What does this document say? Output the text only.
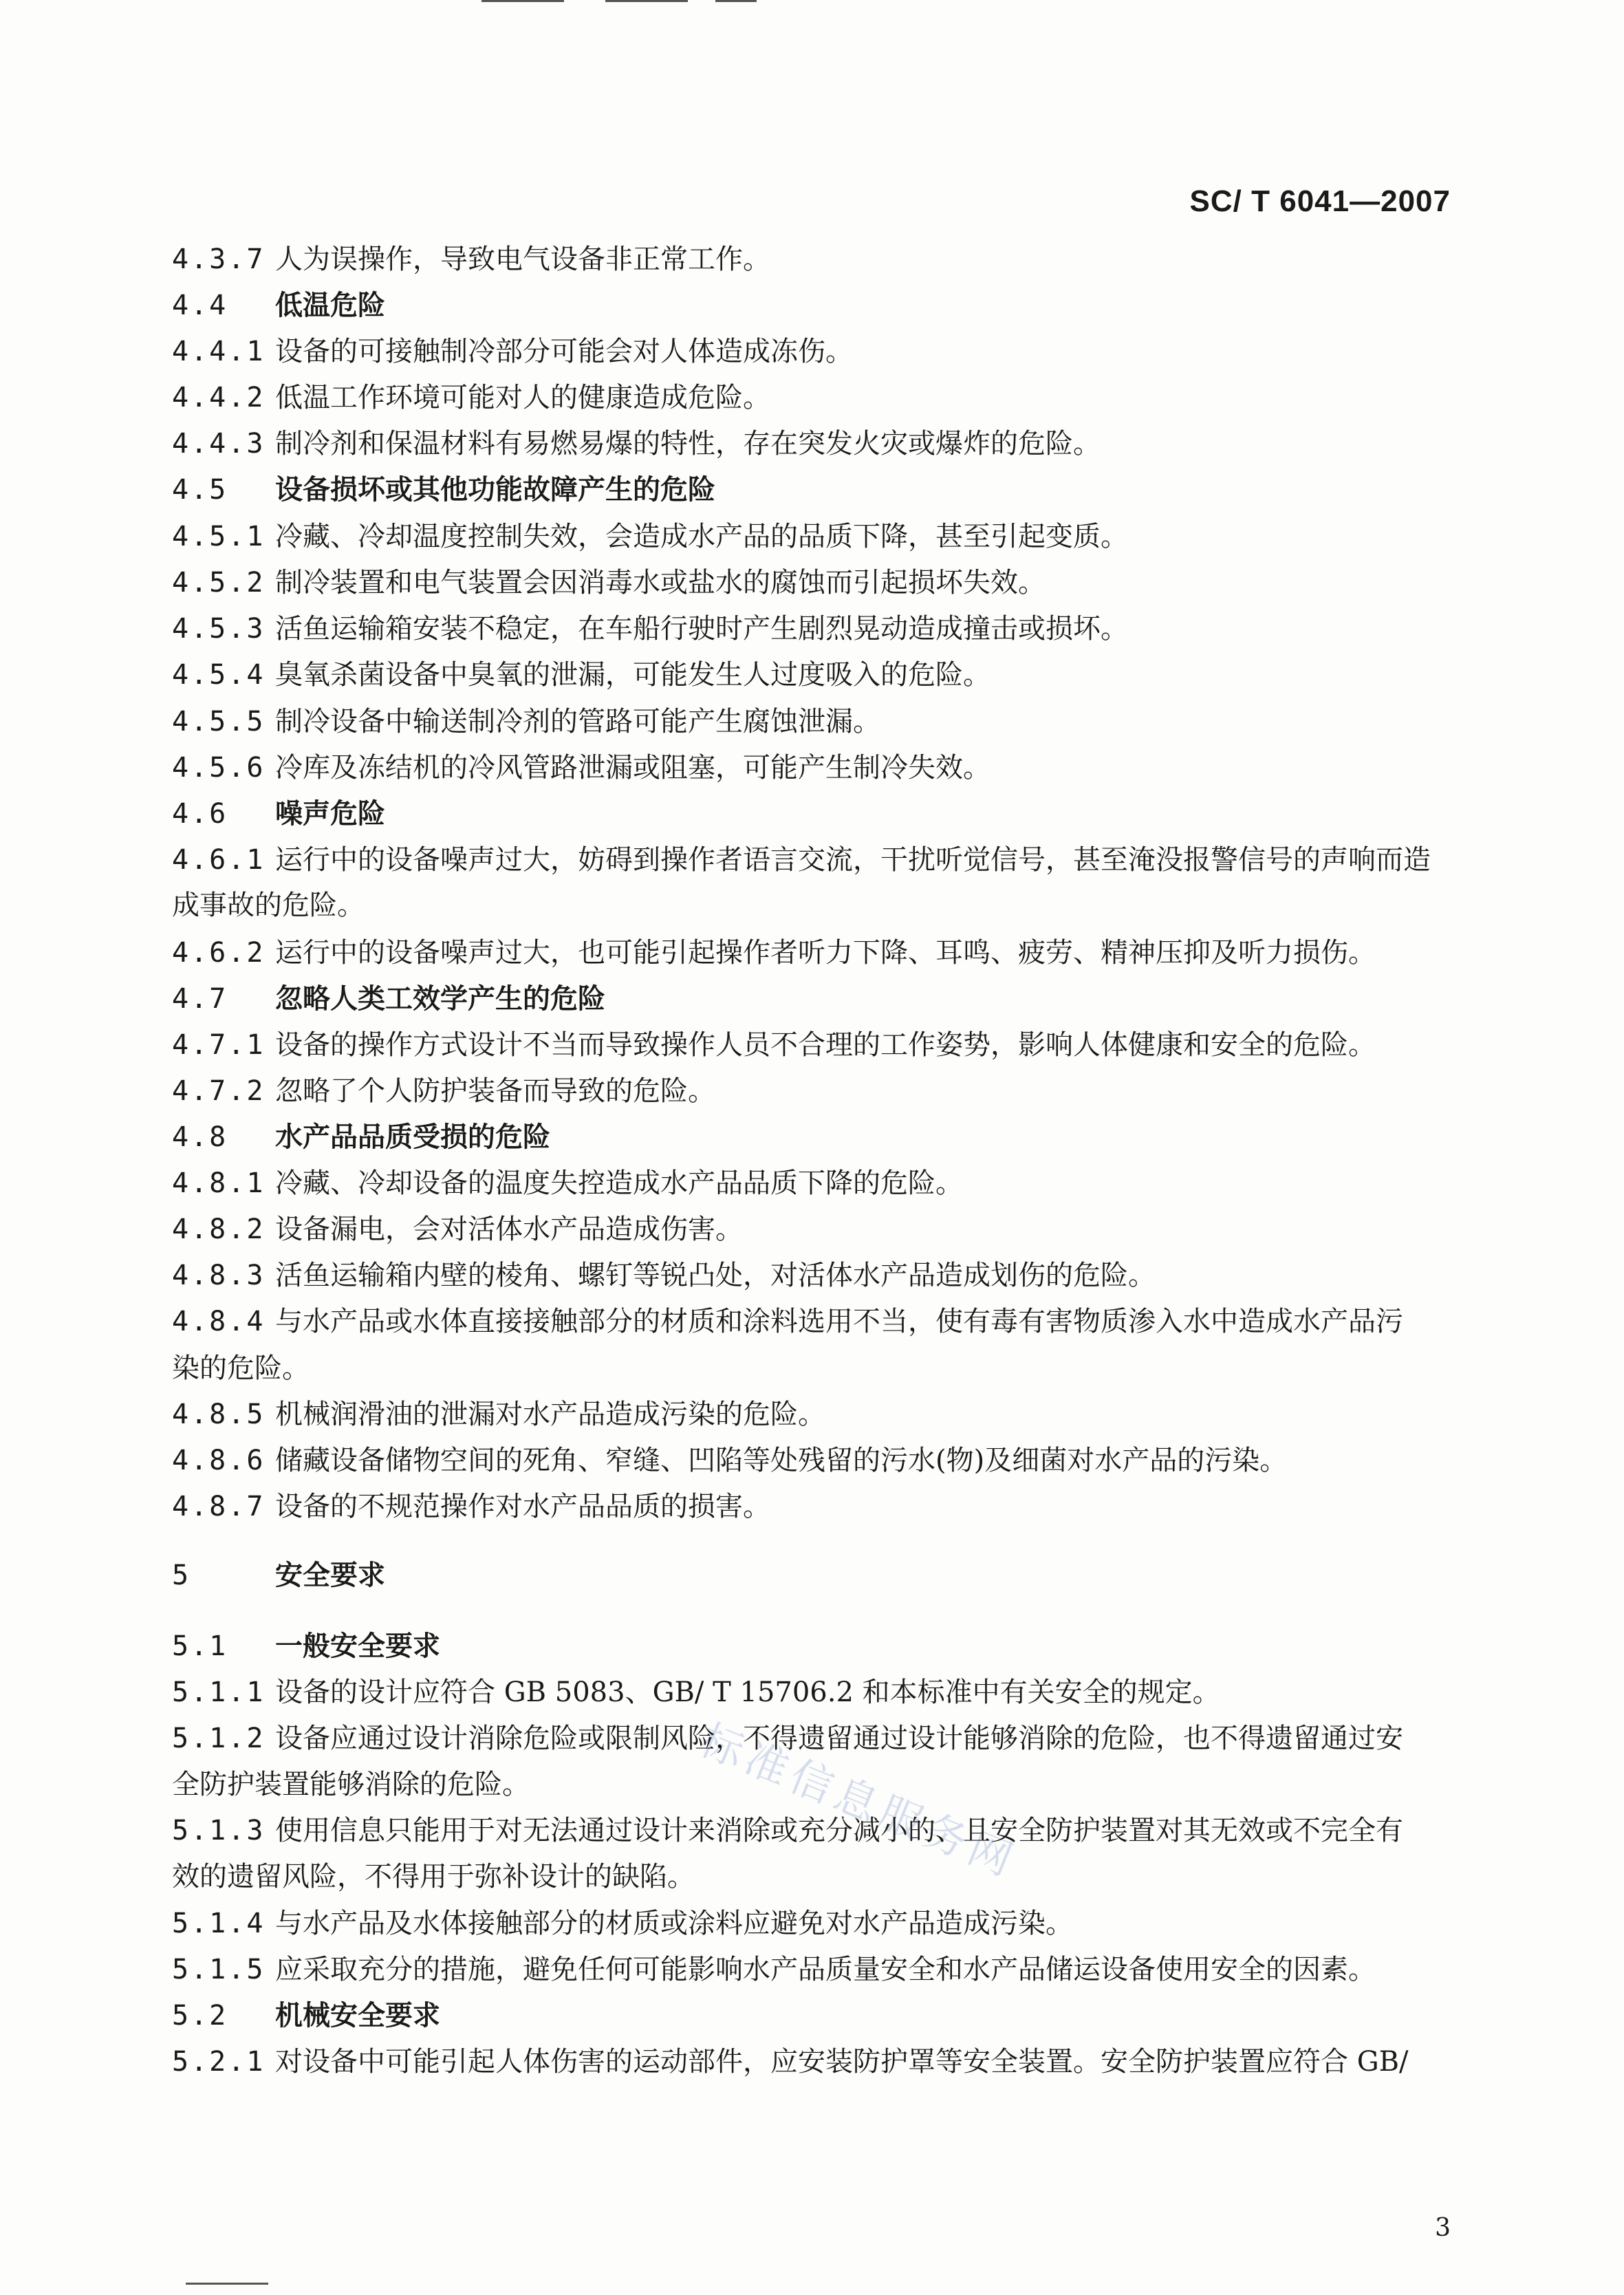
SC/ T 6041—2007
标准信息服务网
4.3.7 人为误操作，导致电气设备非正常工作。
4.4 低温危险
4.4.1 设备的可接触制冷部分可能会对人体造成冻伤。
4.4.2 低温工作环境可能对人的健康造成危险。
4.4.3 制冷剂和保温材料有易燃易爆的特性，存在突发火灾或爆炸的危险。
4.5 设备损坏或其他功能故障产生的危险
4.5.1 冷藏、冷却温度控制失效，会造成水产品的品质下降，甚至引起变质。
4.5.2 制冷装置和电气装置会因消毒水或盐水的腐蚀而引起损坏失效。
4.5.3 活鱼运输箱安装不稳定，在车船行驶时产生剧烈晃动造成撞击或损坏。
4.5.4 臭氧杀菌设备中臭氧的泄漏，可能发生人过度吸入的危险。
4.5.5 制冷设备中输送制冷剂的管路可能产生腐蚀泄漏。
4.5.6 冷库及冻结机的冷风管路泄漏或阻塞，可能产生制冷失效。
4.6 噪声危险
4.6.1 运行中的设备噪声过大，妨碍到操作者语言交流，干扰听觉信号，甚至淹没报警信号的声响而造
成事故的危险。
4.6.2 运行中的设备噪声过大，也可能引起操作者听力下降、耳鸣、疲劳、精神压抑及听力损伤。
4.7 忽略人类工效学产生的危险
4.7.1 设备的操作方式设计不当而导致操作人员不合理的工作姿势，影响人体健康和安全的危险。
4.7.2 忽略了个人防护装备而导致的危险。
4.8 水产品品质受损的危险
4.8.1 冷藏、冷却设备的温度失控造成水产品品质下降的危险。
4.8.2 设备漏电，会对活体水产品造成伤害。
4.8.3 活鱼运输箱内壁的棱角、螺钉等锐凸处，对活体水产品造成划伤的危险。
4.8.4 与水产品或水体直接接触部分的材质和涂料选用不当，使有毒有害物质渗入水中造成水产品污
染的危险。
4.8.5 机械润滑油的泄漏对水产品造成污染的危险。
4.8.6 储藏设备储物空间的死角、窄缝、凹陷等处残留的污水(物)及细菌对水产品的污染。
4.8.7 设备的不规范操作对水产品品质的损害。
5	安全要求
5.1 一般安全要求
5.1.1 设备的设计应符合 GB 5083、GB/ T 15706.2 和本标准中有关安全的规定。
5.1.2 设备应通过设计消除危险或限制风险，不得遗留通过设计能够消除的危险，也不得遗留通过安
全防护装置能够消除的危险。
5.1.3 使用信息只能用于对无法通过设计来消除或充分减小的、且安全防护装置对其无效或不完全有
效的遗留风险，不得用于弥补设计的缺陷。
5.1.4 与水产品及水体接触部分的材质或涂料应避免对水产品造成污染。
5.1.5 应采取充分的措施，避免任何可能影响水产品质量安全和水产品储运设备使用安全的因素。
5.2 机械安全要求
5.2.1 对设备中可能引起人体伤害的运动部件，应安装防护罩等安全装置。安全防护装置应符合 GB/
3
